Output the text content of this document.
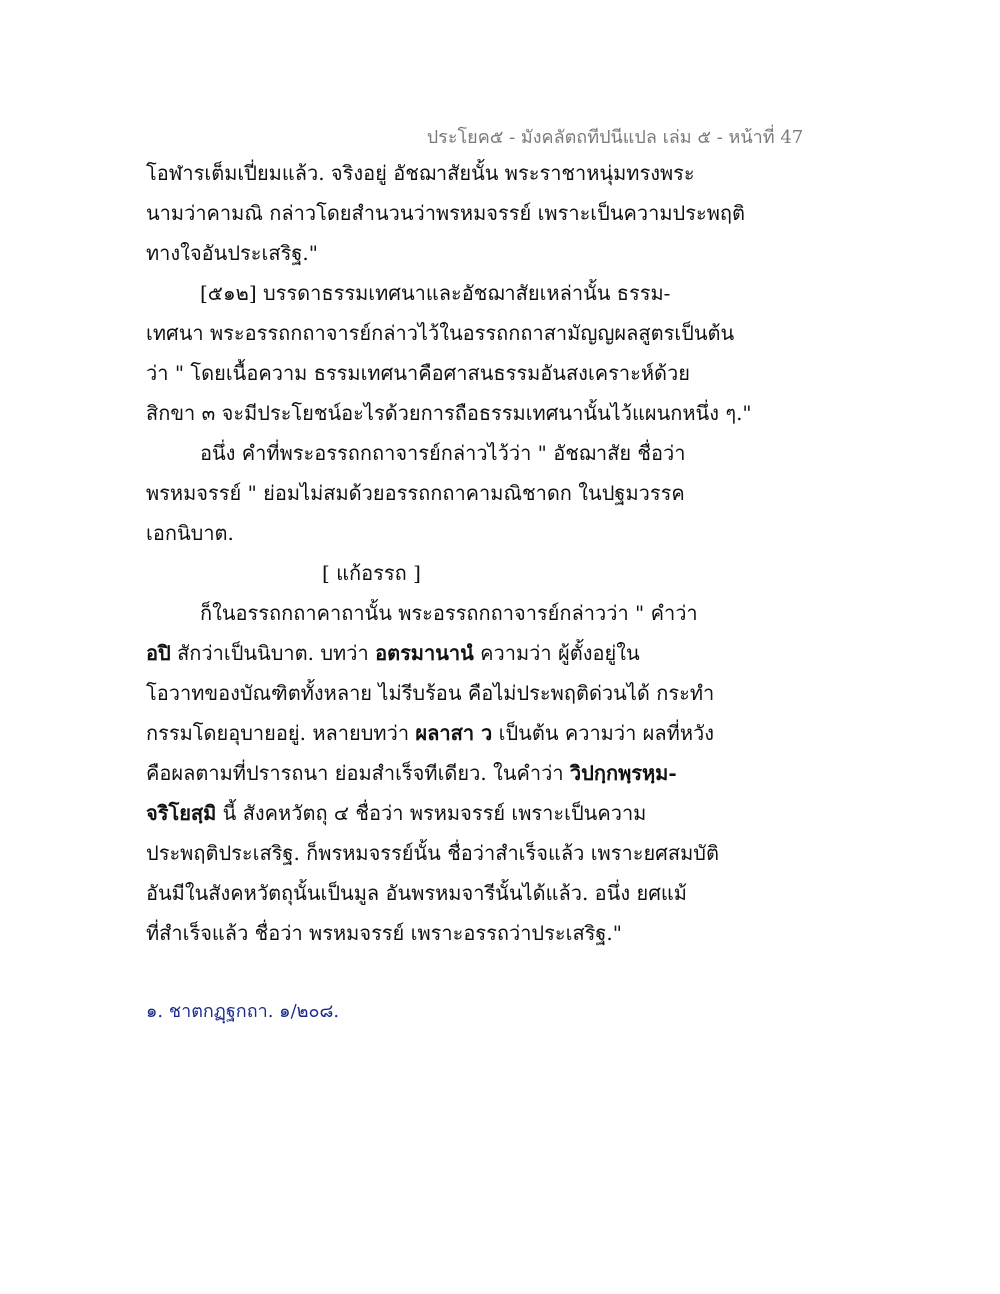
ประโยค๕ - มังคลัตถทีปนีแปล เล่ม ๕ - หน้าที่ 47
โอฬารเต็มเปี่ยมแล้ว. จริงอยู่ อัชฌาสัยนั้น พระราชาหนุ่มทรงพระ
นามว่าคามณิ กล่าวโดยสำนวนว่าพรหมจรรย์ เพราะเป็นความประพฤติ
ทางใจอันประเสริฐ."
[๕๑๒] บรรดาธรรมเทศนาและอัชฌาสัยเหล่านั้น ธรรม-
เทศนา พระอรรถกถาจารย์กล่าวไว้ในอรรถกถาสามัญญผลสูตรเป็นต้น
ว่า " โดยเนื้อความ ธรรมเทศนาคือศาสนธรรมอันสงเคราะห์ด้วย
สิกขา ๓ จะมีประโยชน์อะไรด้วยการถือธรรมเทศนานั้นไว้แผนกหนึ่ง ๆ."
อนึ่ง คำที่พระอรรถกถาจารย์กล่าวไว้ว่า " อัชฌาสัย ชื่อว่า
พรหมจรรย์ " ย่อมไม่สมด้วยอรรถกถาคามณิชาดก ในปฐมวรรค
เอกนิบาต.
[ แก้อรรถ ]
ก็ในอรรถกถาคาถานั้น พระอรรถกถาจารย์กล่าวว่า " คำว่า
อปิ สักว่าเป็นนิบาต. บทว่า อตรมานานํ ความว่า ผู้ตั้งอยู่ใน
โอวาทของบัณฑิตทั้งหลาย ไม่รีบร้อน คือไม่ประพฤติด่วนได้ กระทำ
กรรมโดยอุบายอยู่. หลายบทว่า ผลาสา ว เป็นต้น ความว่า ผลที่หวัง
คือผลตามที่ปรารถนา ย่อมสำเร็จทีเดียว. ในคำว่า วิปกฺกพฺรหฺม-
จริโยสฺมิ นี้ สังคหวัตถุ ๔ ชื่อว่า พรหมจรรย์ เพราะเป็นความ
ประพฤติประเสริฐ. ก็พรหมจรรย์นั้น ชื่อว่าสำเร็จแล้ว เพราะยศสมบัติ
อันมีในสังคหวัตถุนั้นเป็นมูล อันพรหมจารีนั้นได้แล้ว. อนึ่ง ยศแม้
ที่สำเร็จแล้ว ชื่อว่า พรหมจรรย์ เพราะอรรถว่าประเสริฐ."
๑. ชาตกฏฺฐกถา. ๑/๒๐๘.
